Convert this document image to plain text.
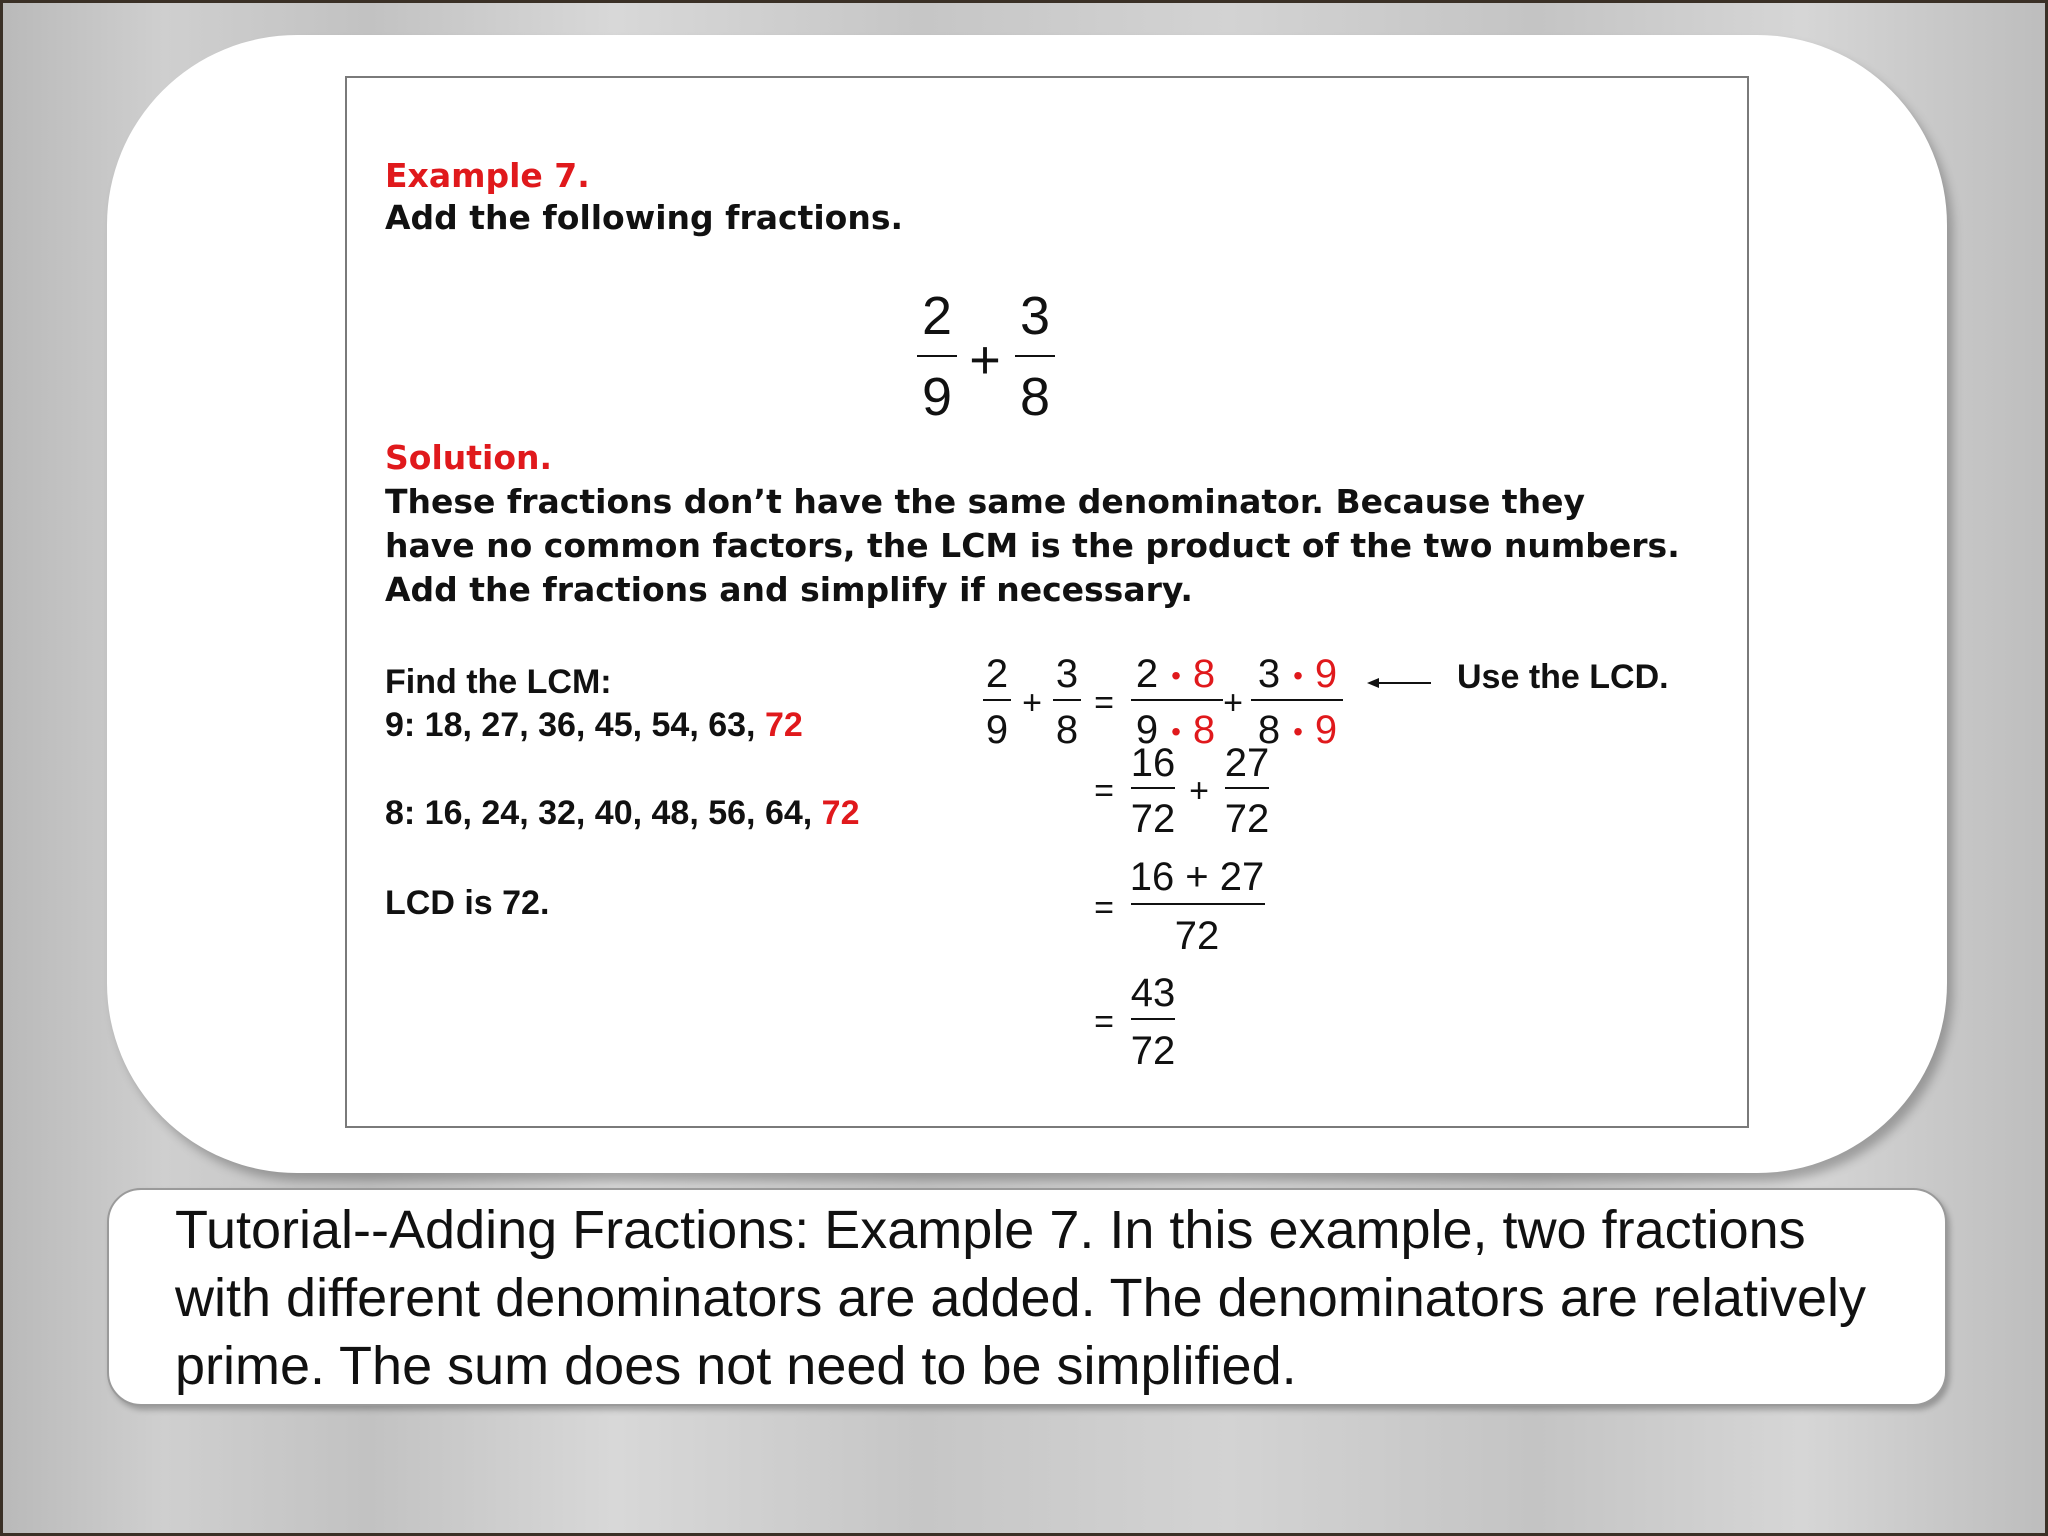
Example 7.
Add the following fractions.
Solution.
These fractions don’t have the same denominator. Because they have no common factors, the LCM is the product of the two numbers. Add the fractions and simplify if necessary.
Find the LCM:
9: 18, 27, 36, 45, 54, 63, 72
8: 16, 24, 32, 40, 48, 56, 64, 72
LCD is 72.
Use the LCD.
2
9
+
3
8
2
9
+
3
8
=
2 • 8
9 • 8
+
3 • 9
8 • 9
=
16
72
+
27
72
=
16 + 27
72
=
43
72
Tutorial--Adding Fractions: Example 7. In this example, two fractions with different denominators are added. The denominators are relatively prime. The sum does not need to be simplified.
